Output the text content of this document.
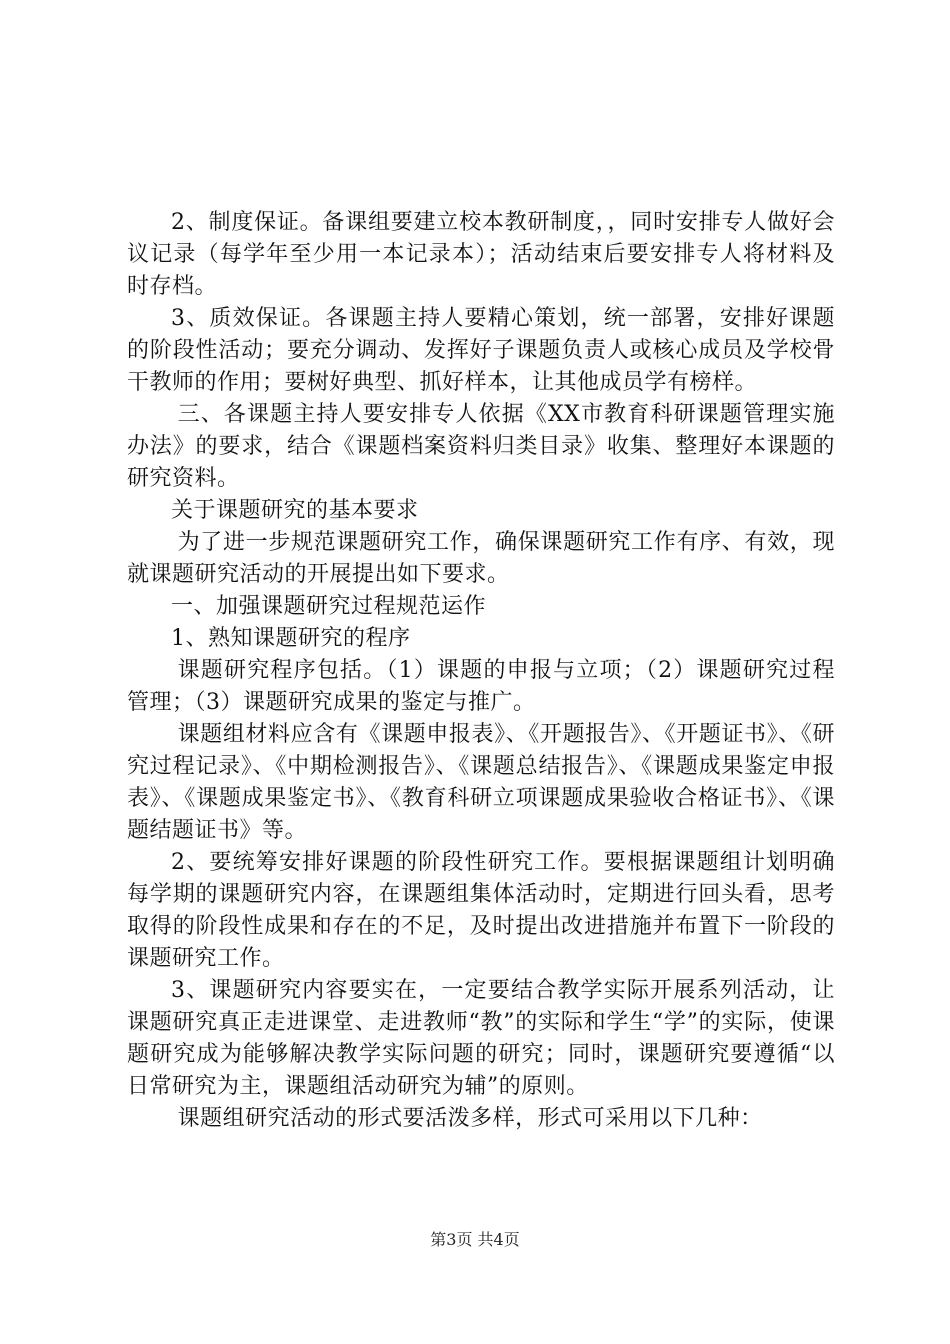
2、制度保证。备课组要建立校本教研制度，，同时安排专人做好会议记录（每学年至少用一本记录本）；活动结束后要安排专人将材料及时存档。

3、质效保证。各课题主持人要精心策划，统一部署，安排好课题的阶段性活动；要充分调动、发挥好子课题负责人或核心成员及学校骨干教师的作用；要树好典型、抓好样本，让其他成员学有榜样。

三、各课题主持人要安排专人依据《XX市教育科研课题管理实施办法》的要求，结合《课题档案资料归类目录》收集、整理好本课题的研究资料。

关于课题研究的基本要求

为了进一步规范课题研究工作，确保课题研究工作有序、有效，现就课题研究活动的开展提出如下要求。

一、加强课题研究过程规范运作

1、熟知课题研究的程序

课题研究程序包括。（1）课题的申报与立项；（2）课题研究过程管理；（3）课题研究成果的鉴定与推广。

课题组材料应含有《课题申报表》、《开题报告》、《开题证书》、《研究过程记录》、《中期检测报告》、《课题总结报告》、《课题成果鉴定申报表》、《课题成果鉴定书》、《教育科研立项课题成果验收合格证书》、《课题结题证书》等。

2、要统筹安排好课题的阶段性研究工作。要根据课题组计划明确每学期的课题研究内容，在课题组集体活动时，定期进行回头看，思考取得的阶段性成果和存在的不足，及时提出改进措施并布置下一阶段的课题研究工作。

3、课题研究内容要实在，一定要结合教学实际开展系列活动，让课题研究真正走进课堂、走进教师“教”的实际和学生“学”的实际，使课题研究成为能够解决教学实际问题的研究；同时，课题研究要遵循“以日常研究为主，课题组活动研究为辅”的原则。

课题组研究活动的形式要活泼多样，形式可采用以下几种：

第3页 共4页
